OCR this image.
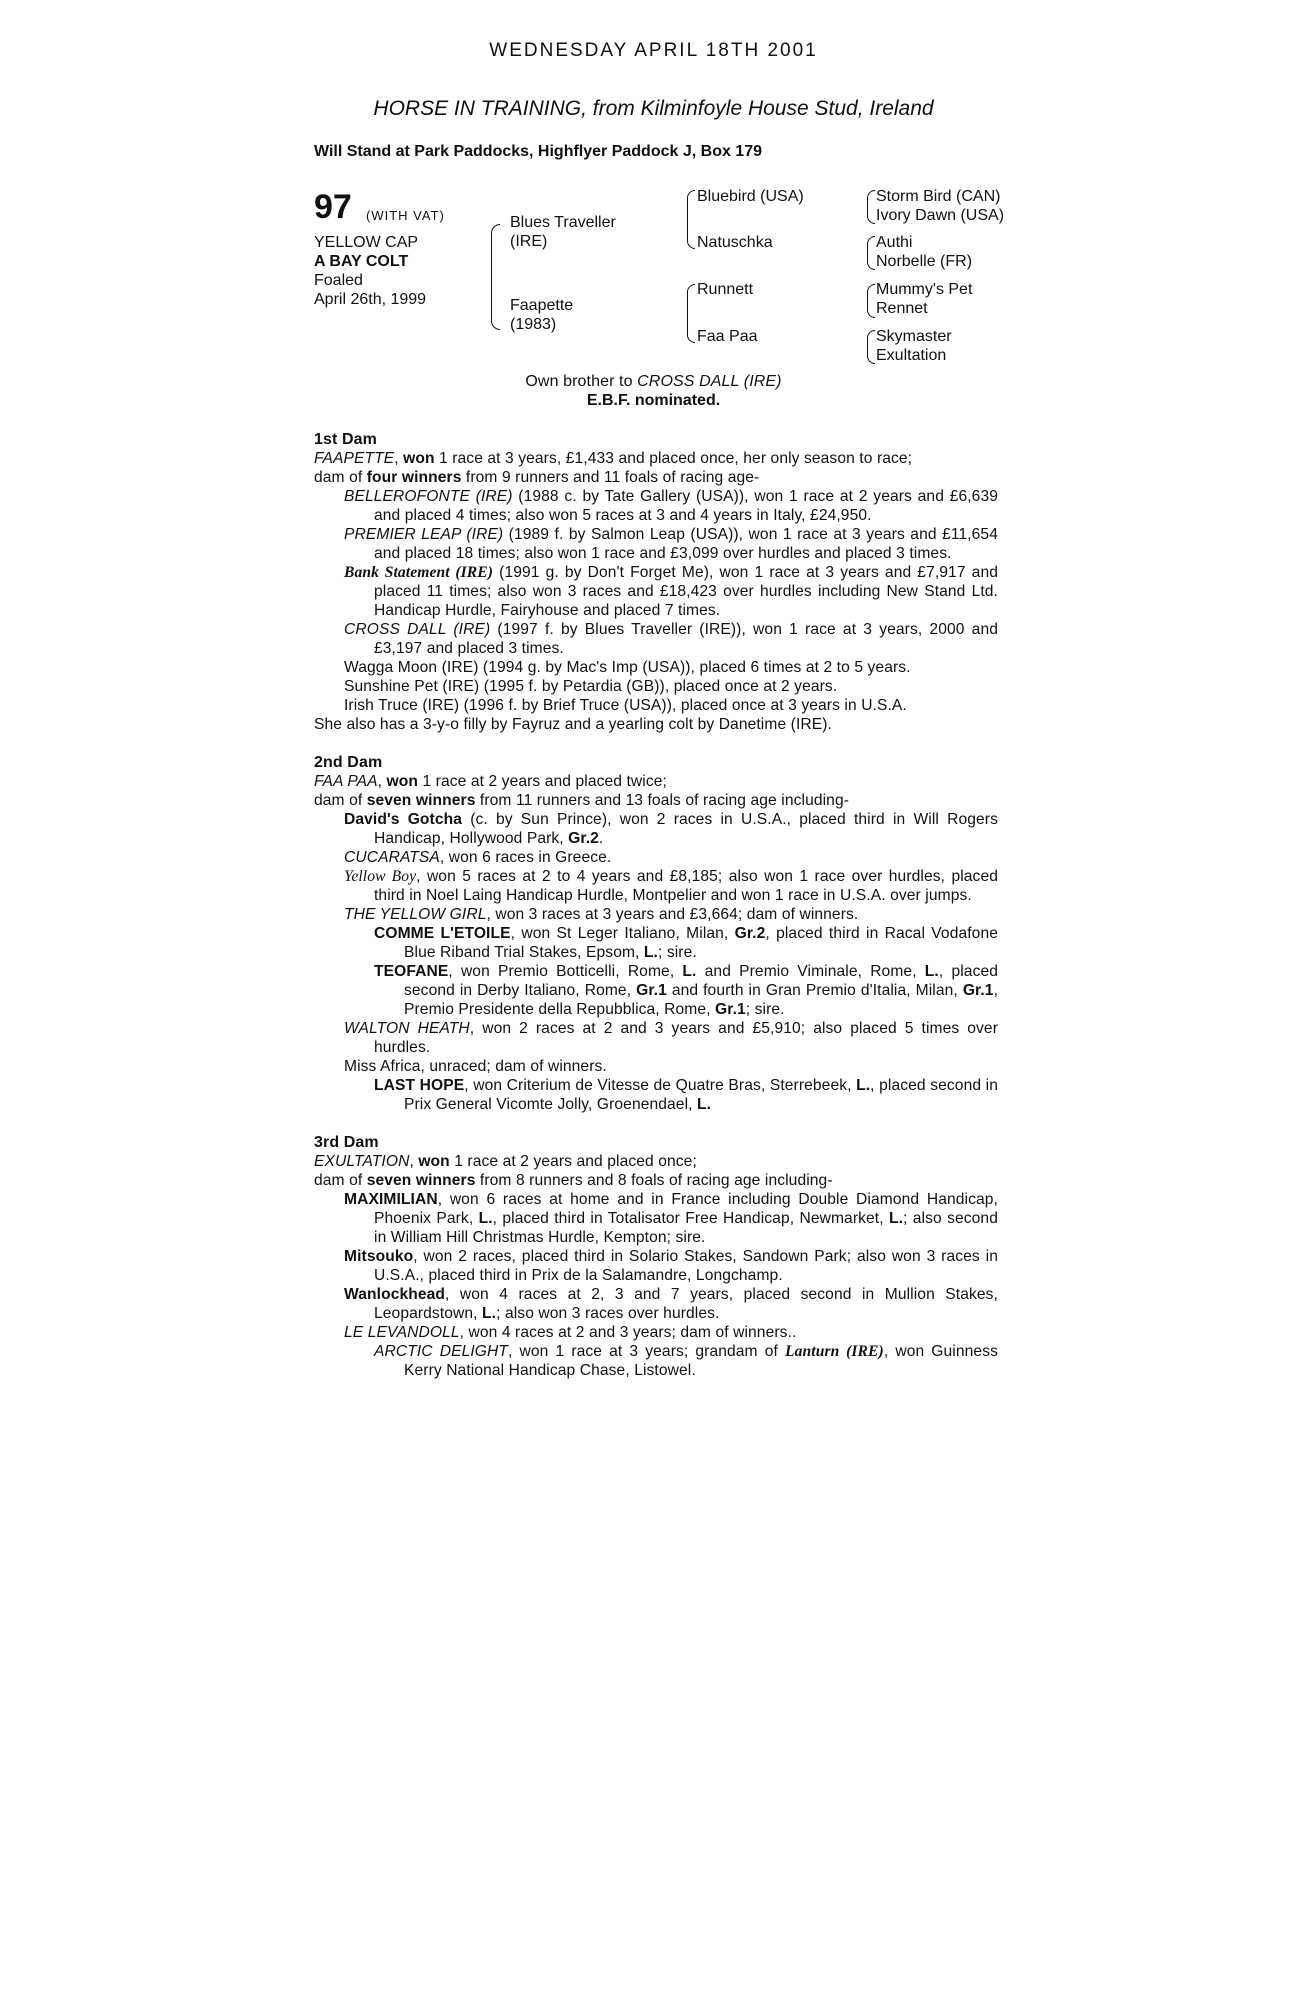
WEDNESDAY APRIL 18TH 2001
HORSE IN TRAINING, from Kilminfoyle House Stud, Ireland
Will Stand at Park Paddocks, Highflyer Paddock J, Box 179
97 (WITH VAT)
YELLOW CAP
A BAY COLT
Foaled
April 26th, 1999
Blues Traveller
(IRE)
Faapette
(1983)
Bluebird (USA)
Natuschka
Runnett
Faa Paa
Storm Bird (CAN)
Ivory Dawn (USA)
Authi
Norbelle (FR)
Mummy's Pet
Rennet
Skymaster
Exultation
Own brother to CROSS DALL (IRE)
E.B.F. nominated.

1st Dam

FAAPETTE, won 1 race at 3 years, £1,433 and placed once, her only season to race;

dam of four winners from 9 runners and 11 foals of racing age-

BELLEROFONTE (IRE) (1988 c. by Tate Gallery (USA)), won 1 race at 2 years and £6,639 and placed 4 times; also won 5 races at 3 and 4 years in Italy, £24,950.

PREMIER LEAP (IRE) (1989 f. by Salmon Leap (USA)), won 1 race at 3 years and £11,654 and placed 18 times; also won 1 race and £3,099 over hurdles and placed 3 times.

Bank Statement (IRE) (1991 g. by Don't Forget Me), won 1 race at 3 years and £7,917 and placed 11 times; also won 3 races and £18,423 over hurdles including New Stand Ltd. Handicap Hurdle, Fairyhouse and placed 7 times.

CROSS DALL (IRE) (1997 f. by Blues Traveller (IRE)), won 1 race at 3 years, 2000 and £3,197 and placed 3 times.

Wagga Moon (IRE) (1994 g. by Mac's Imp (USA)), placed 6 times at 2 to 5 years.

Sunshine Pet (IRE) (1995 f. by Petardia (GB)), placed once at 2 years.

Irish Truce (IRE) (1996 f. by Brief Truce (USA)), placed once at 3 years in U.S.A.

She also has a 3-y-o filly by Fayruz and a yearling colt by Danetime (IRE).

2nd Dam

FAA PAA, won 1 race at 2 years and placed twice;

dam of seven winners from 11 runners and 13 foals of racing age including-

David's Gotcha (c. by Sun Prince), won 2 races in U.S.A., placed third in Will Rogers Handicap, Hollywood Park, Gr.2.

CUCARATSA, won 6 races in Greece.

Yellow Boy, won 5 races at 2 to 4 years and £8,185; also won 1 race over hurdles, placed third in Noel Laing Handicap Hurdle, Montpelier and won 1 race in U.S.A. over jumps.

THE YELLOW GIRL, won 3 races at 3 years and £3,664; dam of winners.

COMME L'ETOILE, won St Leger Italiano, Milan, Gr.2, placed third in Racal Vodafone Blue Riband Trial Stakes, Epsom, L.; sire.

TEOFANE, won Premio Botticelli, Rome, L. and Premio Viminale, Rome, L., placed second in Derby Italiano, Rome, Gr.1 and fourth in Gran Premio d'Italia, Milan, Gr.1, Premio Presidente della Repubblica, Rome, Gr.1; sire.

WALTON HEATH, won 2 races at 2 and 3 years and £5,910; also placed 5 times over hurdles.

Miss Africa, unraced; dam of winners.

LAST HOPE, won Criterium de Vitesse de Quatre Bras, Sterrebeek, L., placed second in Prix General Vicomte Jolly, Groenendael, L.

3rd Dam

EXULTATION, won 1 race at 2 years and placed once;

dam of seven winners from 8 runners and 8 foals of racing age including-

MAXIMILIAN, won 6 races at home and in France including Double Diamond Handicap, Phoenix Park, L., placed third in Totalisator Free Handicap, Newmarket, L.; also second in William Hill Christmas Hurdle, Kempton; sire.

Mitsouko, won 2 races, placed third in Solario Stakes, Sandown Park; also won 3 races in U.S.A., placed third in Prix de la Salamandre, Longchamp.

Wanlockhead, won 4 races at 2, 3 and 7 years, placed second in Mullion Stakes, Leopardstown, L.; also won 3 races over hurdles.

LE LEVANDOLL, won 4 races at 2 and 3 years; dam of winners..

ARCTIC DELIGHT, won 1 race at 3 years; grandam of Lanturn (IRE), won Guinness Kerry National Handicap Chase, Listowel.
